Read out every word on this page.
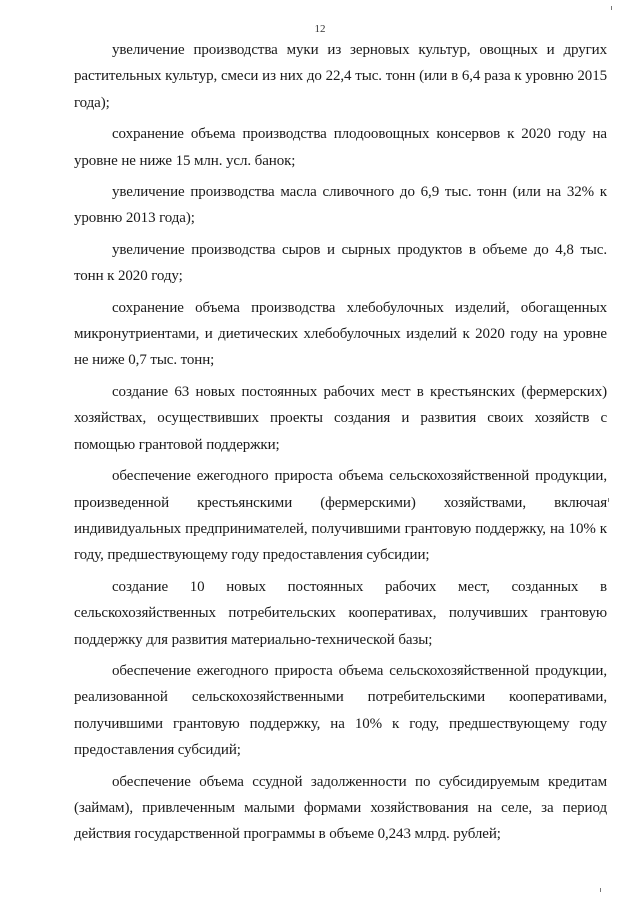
12

увеличение производства муки из зерновых культур, овощных и других растительных культур, смеси из них до 22,4 тыс. тонн (или в 6,4 раза к уровню 2015 года);

сохранение объема производства плодоовощных консервов к 2020 году на уровне не ниже 15 млн. усл. банок;

увеличение производства масла сливочного до 6,9 тыс. тонн (или на 32% к уровню 2013 года);

увеличение производства сыров и сырных продуктов в объеме до 4,8 тыс. тонн к 2020 году;

сохранение объема производства хлебобулочных изделий, обогащенных микронутриентами, и диетических хлебобулочных изделий к 2020 году на уровне не ниже 0,7 тыс. тонн;

создание 63 новых постоянных рабочих мест в крестьянских (фермерских) хозяйствах, осуществивших проекты создания и развития своих хозяйств с помощью грантовой поддержки;

обеспечение ежегодного прироста объема сельскохозяйственной продукции, произведенной крестьянскими (фермерскими) хозяйствами, включая индивидуальных предпринимателей, получившими грантовую поддержку, на 10% к году, предшествующему году предоставления субсидии;

создание 10 новых постоянных рабочих мест, созданных в сельскохозяйственных потребительских кооперативах, получивших грантовую поддержку для развития материально-технической базы;

обеспечение ежегодного прироста объема сельскохозяйственной продукции, реализованной сельскохозяйственными потребительскими кооперативами, получившими грантовую поддержку, на 10% к году, предшествующему году предоставления субсидий;

обеспечение объема ссудной задолженности по субсидируемым кредитам (займам), привлеченным малыми формами хозяйствования на селе, за период действия государственной программы в объеме 0,243 млрд. рублей;
